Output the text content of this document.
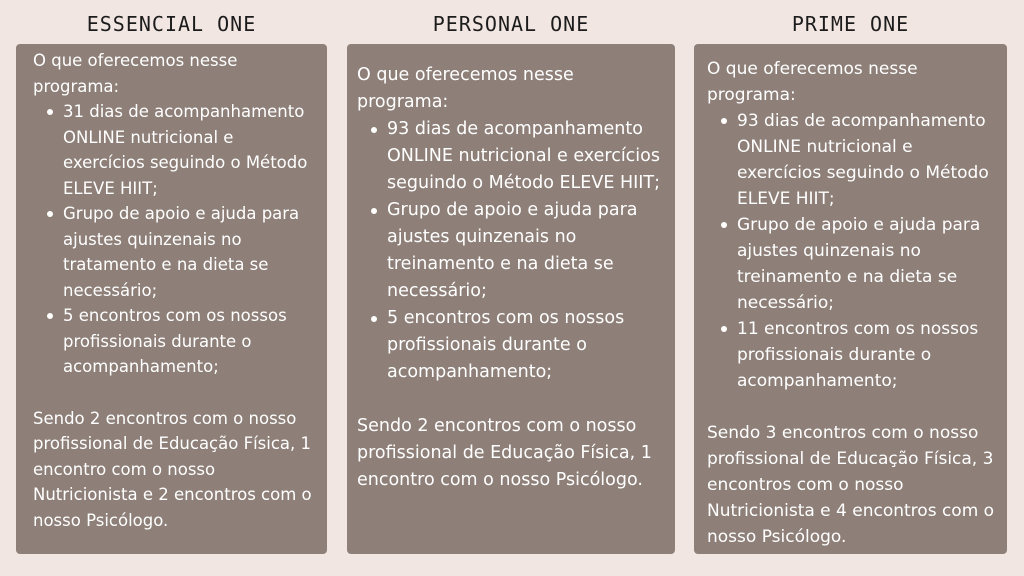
ESSENCIAL ONE

O que oferecemos nesse programa:

31 dias de acompanhamento ONLINE nutricional e exercícios seguindo o Método ELEVE HIIT;
Grupo de apoio e ajuda para ajustes quinzenais no tratamento e na dieta se necessário;
5 encontros com os nossos profissionais durante o acompanhamento;

Sendo 2 encontros com o nosso profissional de Educação Física, 1 encontro com o nosso Nutricionista e 2 encontros com o nosso Psicólogo.

PERSONAL ONE

O que oferecemos nesse programa:

93 dias de acompanhamento ONLINE nutricional e exercícios seguindo o Método ELEVE HIIT;
Grupo de apoio e ajuda para ajustes quinzenais no treinamento e na dieta se necessário;
5 encontros com os nossos profissionais durante o acompanhamento;

Sendo 2 encontros com o nosso profissional de Educação Física, 1 encontro com o nosso Psicólogo.

PRIME ONE

O que oferecemos nesse programa:

93 dias de acompanhamento ONLINE nutricional e exercícios seguindo o Método ELEVE HIIT;
Grupo de apoio e ajuda para ajustes quinzenais no treinamento e na dieta se necessário;
11 encontros com os nossos profissionais durante o acompanhamento;

Sendo 3 encontros com o nosso profissional de Educação Física, 3 encontros com o nosso Nutricionista e 4 encontros com o nosso Psicólogo.
